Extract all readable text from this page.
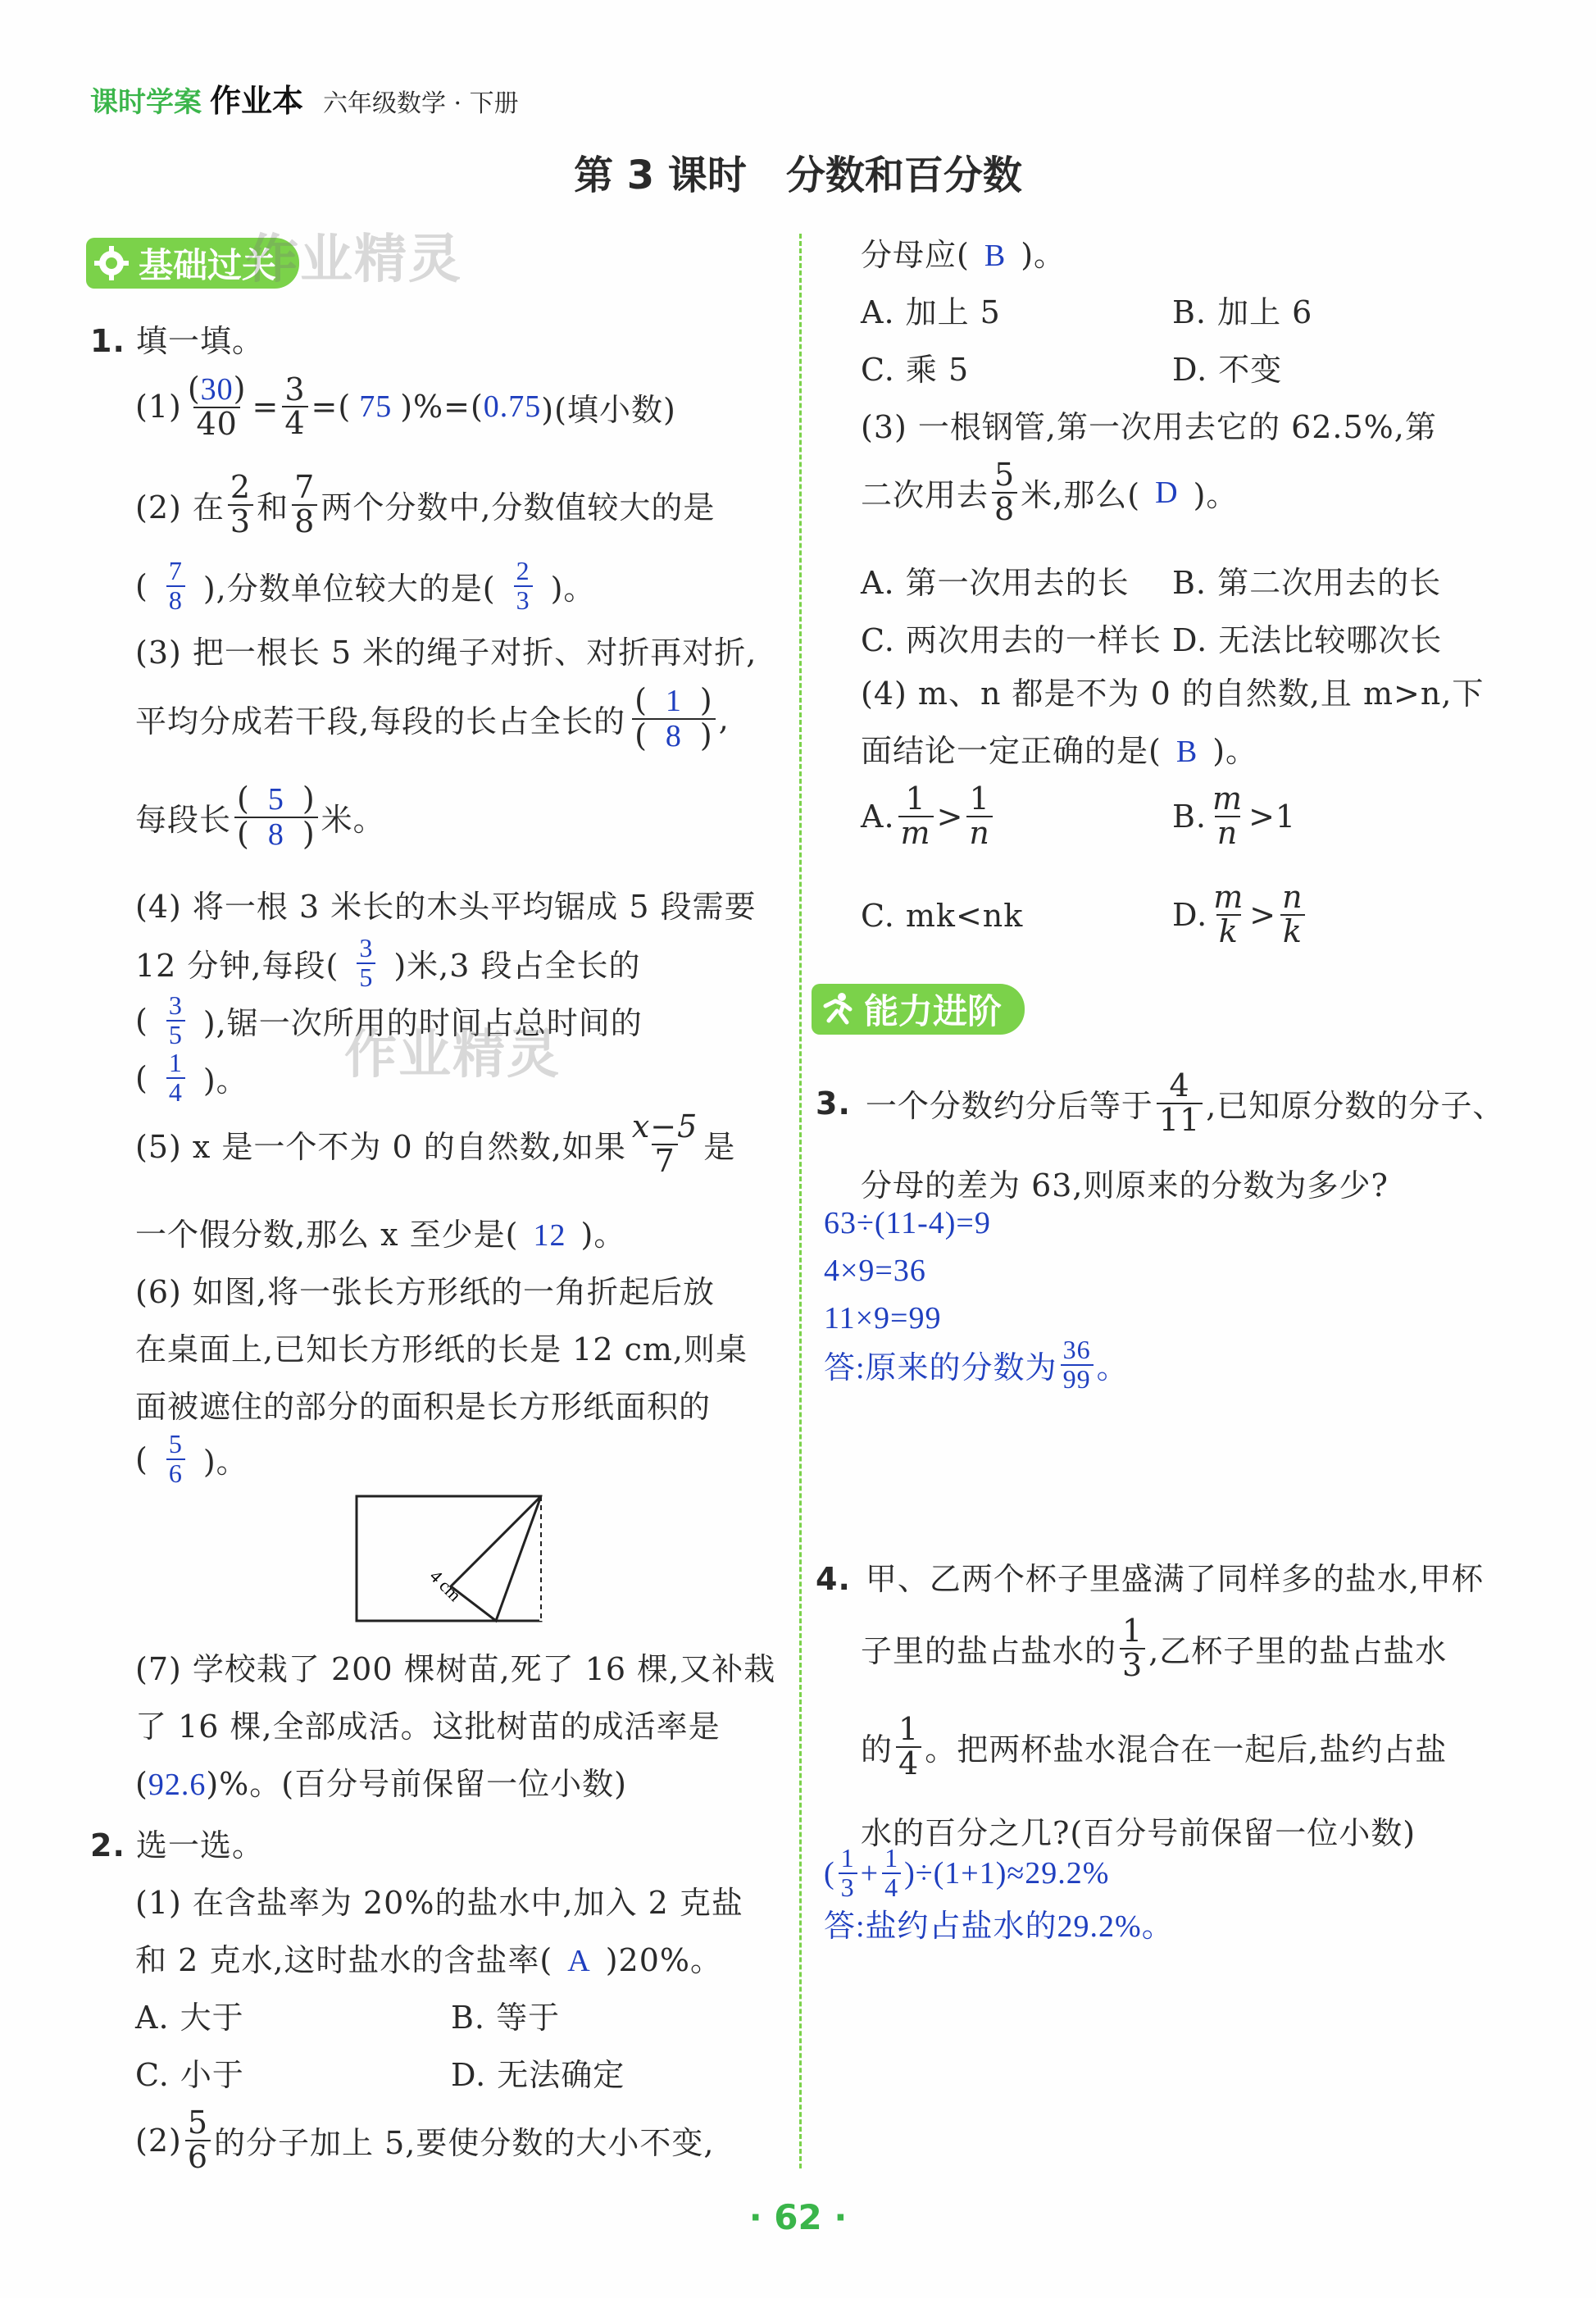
课时学案 作业本 六年级数学 · 下册
第 3 课时　分数和百分数
基础过关
作业精灵
1. 填一填。
$(1) \frac{(30)}{40} = \frac{3}{4}$ =( 75 )%=( 0.75 )(填小数)
(2) 在 $\frac{2}{3}$ 和 $\frac{7}{8}$ 两个分数中,分数值较大的是
( $\frac{7}{8}$ ),分数单位较大的是( $\frac{2}{3}$ )。
(3) 把一根长 5 米的绳子对折、对折再对折,
平均分成若干段,每段的长占全长的 $\frac{( 1 )}{( 8 )}$ ,
每段长 $\frac{( 5 )}{( 8 )}$ 米。
(4) 将一根 3 米长的木头平均锯成 5 段需要
12 分钟,每段( $\frac{3}{5}$ )米,3 段占全长的
( $\frac{3}{5}$ ),锯一次所用的时间占总时间的
( $\frac{1}{4}$ )。 作业精灵
(5) x 是一个不为 0 的自然数,如果 $\frac{x-5}{7}$ 是
一个假分数,那么 x 至少是( 12 )。
(6) 如图,将一张长方形纸的一角折起后放
在桌面上,已知长方形纸的长是 12 cm,则桌
面被遮住的部分的面积是长方形纸面积的
( $\frac{5}{6}$ )。
4 cm
(7) 学校栽了 200 棵树苗,死了 16 棵,又补栽
了 16 棵,全部成活。这批树苗的成活率是
(92.6)%。(百分号前保留一位小数)
2. 选一选。
(1) 在含盐率为 20%的盐水中,加入 2 克盐
和 2 克水,这时盐水的含盐率( A )20%。
A. 大于	B. 等于
C. 小于	D. 无法确定
$(2) \frac{5}{6}$ 的分子加上 5,要使分数的大小不变,
分母应( B )。
A. 加上 5	B. 加上 6
C. 乘 5	D. 不变
(3) 一根钢管,第一次用去它的 62.5%,第
二次用去 $\frac{5}{8}$ 米,那么( D )。
A. 第一次用去的长 B. 第二次用去的长
C. 两次用去的一样长 D. 无法比较哪次长
(4) m、n 都是不为 0 的自然数,且 m>n,下
面结论一定正确的是( B )。
A. $\frac{1}{m} > \frac{1}{n}$	B. $\frac{m}{n} >1$
C. mk<nk	D. $\frac{m}{k} > \frac{n}{k}$
能力进阶
3. 一个分数约分后等于 $\frac{4}{11}$ ,已知原分数的分子、
分母的差为 63,则原来的分数为多少?
63÷(11-4)=9
4×9=36
11×9=99
答:原来的分数为 $\frac{36}{99}$ 。
4. 甲、乙两个杯子里盛满了同样多的盐水,甲杯
子里的盐占盐水的 $\frac{1}{3}$ ,乙杯子里的盐占盐水
的 $\frac{1}{4}$ 。把两杯盐水混合在一起后,盐约占盐
水的百分之几?(百分号前保留一位小数)
( $\frac{1}{3} + \frac{1}{4} )\div(1+1)\approx 29.2\%$
答:盐约占盐水的29.2%。
· 62 ·
